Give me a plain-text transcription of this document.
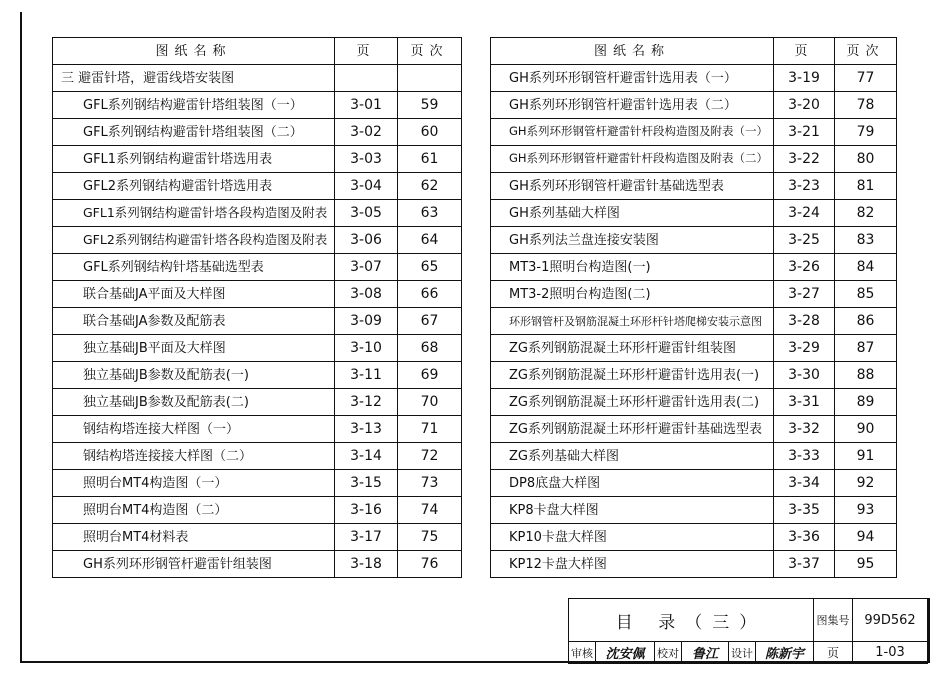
图纸名称	页	页次
三 避雷针塔，避雷线塔安装图		
GFL系列钢结构避雷针塔组装图（一）	3-01	59
GFL系列钢结构避雷针塔组装图（二）	3-02	60
GFL1系列钢结构避雷针塔选用表	3-03	61
GFL2系列钢结构避雷针塔选用表	3-04	62
GFL1系列钢结构避雷针塔各段构造图及附表	3-05	63
GFL2系列钢结构避雷针塔各段构造图及附表	3-06	64
GFL系列钢结构针塔基础选型表	3-07	65
联合基础JA平面及大样图	3-08	66
联合基础JA参数及配筋表	3-09	67
独立基础JB平面及大样图	3-10	68
独立基础JB参数及配筋表(一)	3-11	69
独立基础JB参数及配筋表(二)	3-12	70
钢结构塔连接大样图（一）	3-13	71
钢结构塔连接接大样图（二）	3-14	72
照明台MT4构造图（一）	3-15	73
照明台MT4构造图（二）	3-16	74
照明台MT4材料表	3-17	75
GH系列环形钢管杆避雷针组装图	3-18	76
图纸名称	页	页次
GH系列环形钢管杆避雷针选用表（一）	3-19	77
GH系列环形钢管杆避雷针选用表（二）	3-20	78
GH系列环形钢管杆避雷针杆段构造图及附表（一）	3-21	79
GH系列环形钢管杆避雷针杆段构造图及附表（二）	3-22	80
GH系列环形钢管杆避雷针基础选型表	3-23	81
GH系列基础大样图	3-24	82
GH系列法兰盘连接安装图	3-25	83
MT3-1照明台构造图(一)	3-26	84
MT3-2照明台构造图(二)	3-27	85
环形钢管杆及钢筋混凝土环形杆针塔爬梯安装示意图	3-28	86
ZG系列钢筋混凝土环形杆避雷针组装图	3-29	87
ZG系列钢筋混凝土环形杆避雷针选用表(一)	3-30	88
ZG系列钢筋混凝土环形杆避雷针选用表(二)	3-31	89
ZG系列钢筋混凝土环形杆避雷针基础选型表	3-32	90
ZG系列基础大样图	3-33	91
DP8底盘大样图	3-34	92
KP8卡盘大样图	3-35	93
KP10卡盘大样图	3-36	94
KP12卡盘大样图	3-37	95
目 录（三）	图集号	99D562
审核 沈安佩	校对 鲁江	设计 陈新宇	页	1-03
